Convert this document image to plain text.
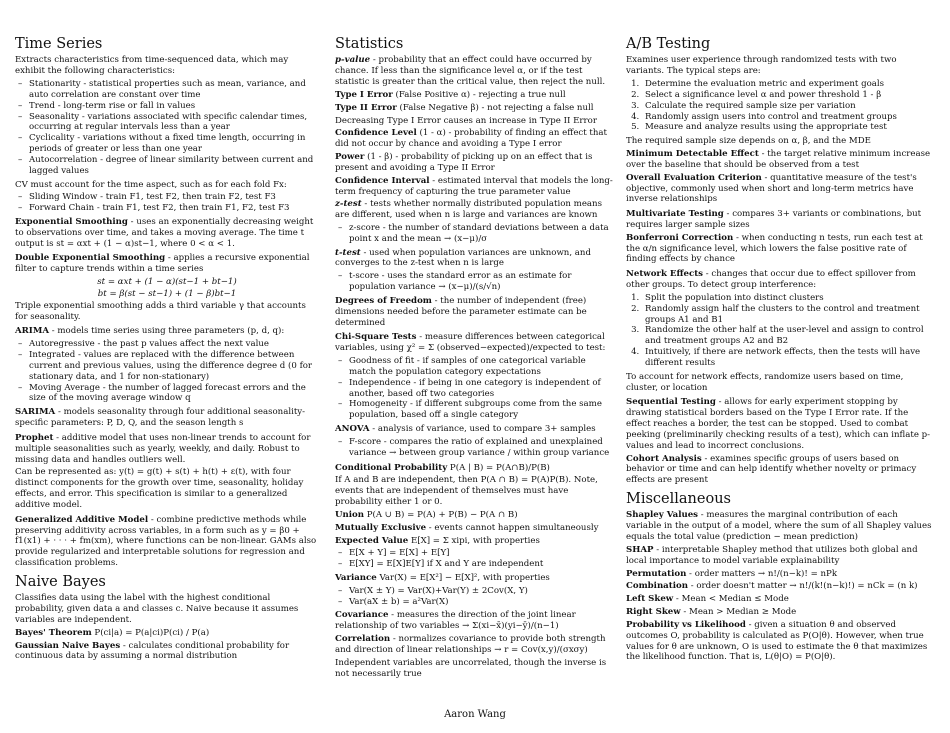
Time Series

Extracts characteristics from time-sequenced data, which may exhibit the following characteristics:

– Stationarity - statistical properties such as mean, variance, and auto correlation are constant over time
– Trend - long-term rise or fall in values
– Seasonality - variations associated with specific calendar times, occurring at regular intervals less than a year
– Cyclicality - variations without a fixed time length, occurring in periods of greater or less than one year
– Autocorrelation - degree of linear similarity between current and lagged values

CV must account for the time aspect, such as for each fold Fx:

– Sliding Window - train F1, test F2, then train F2, test F3
– Forward Chain - train F1, test F2, then train F1, F2, test F3

Exponential Smoothing - uses an exponentially decreasing weight to observations over time, and takes a moving average. The time t output is st = αxt + (1 − α)st−1, where 0 < α < 1.

Double Exponential Smoothing - applies a recursive exponential filter to capture trends within a time series

st = αxt + (1 − α)(st−1 + bt−1)
bt = β(st − st−1) + (1 − β)bt−1

Triple exponential smoothing adds a third variable γ that accounts for seasonality.

ARIMA - models time series using three parameters (p, d, q):

– Autoregressive - the past p values affect the next value
– Integrated - values are replaced with the difference between current and previous values, using the difference degree d (0 for stationary data, and 1 for non-stationary)
– Moving Average - the number of lagged forecast errors and the size of the moving average window q

SARIMA - models seasonality through four additional seasonality-specific parameters: P, D, Q, and the season length s

Prophet - additive model that uses non-linear trends to account for multiple seasonalities such as yearly, weekly, and daily. Robust to missing data and handles outliers well.

Can be represented as: y(t) = g(t) + s(t) + h(t) + ε(t), with four distinct components for the growth over time, seasonality, holiday effects, and error. This specification is similar to a generalized additive model.

Generalized Additive Model - combine predictive methods while preserving additivity across variables, in a form such as y = β0 + f1(x1) + · · · + fm(xm), where functions can be non-linear. GAMs also provide regularized and interpretable solutions for regression and classification problems.

Naive Bayes

Classifies data using the label with the highest conditional probability, given data a and classes c. Naive because it assumes variables are independent.

Bayes' Theorem P(ci|a) = P(a|ci)P(ci) / P(a)

Gaussian Naive Bayes - calculates conditional probability for continuous data by assuming a normal distribution

Statistics

p-value - probability that an effect could have occurred by chance. If less than the significance level α, or if the test statistic is greater than the critical value, then reject the null.

Type I Error (False Positive α) - rejecting a true null

Type II Error (False Negative β) - not rejecting a false null

Decreasing Type I Error causes an increase in Type II Error

Confidence Level (1 - α) - probability of finding an effect that did not occur by chance and avoiding a Type I error

Power (1 - β) - probability of picking up on an effect that is present and avoiding a Type II Error

Confidence Interval - estimated interval that models the long-term frequency of capturing the true parameter value

z-test - tests whether normally distributed population means are different, used when n is large and variances are known

– z-score - the number of standard deviations between a data point x and the mean → (x−μ)/σ

t-test - used when population variances are unknown, and converges to the z-test when n is large

– t-score - uses the standard error as an estimate for population variance → (x−μ)/(s/√n)

Degrees of Freedom - the number of independent (free) dimensions needed before the parameter estimate can be determined

Chi-Square Tests - measure differences between categorical variables, using χ² = Σ (observed−expected)/expected to test:

– Goodness of fit - if samples of one categorical variable match the population category expectations
– Independence - if being in one category is independent of another, based off two categories
– Homogeneity - if different subgroups come from the same population, based off a single category

ANOVA - analysis of variance, used to compare 3+ samples

– F-score - compares the ratio of explained and unexplained variance → between group variance / within group variance

Conditional Probability P(A | B) = P(A∩B)/P(B)

If A and B are independent, then P(A ∩ B) = P(A)P(B). Note, events that are independent of themselves must have probability either 1 or 0.

Union P(A ∪ B) = P(A) + P(B) − P(A ∩ B)

Mutually Exclusive - events cannot happen simultaneously

Expected Value E[X] = Σ xipi, with properties

– E[X + Y] = E[X] + E[Y]
– E[XY] = E[X]E[Y] if X and Y are independent

Variance Var(X) = E[X²] − E[X]², with properties

– Var(X ± Y) = Var(X)+Var(Y) ± 2Cov(X, Y)
– Var(aX ± b) = a²Var(X)

Covariance - measures the direction of the joint linear relationship of two variables → Σ(xi−x̄)(yi−ȳ)/(n−1)

Correlation - normalizes covariance to provide both strength and direction of linear relationships → r = Cov(x,y)/(σxσy)

Independent variables are uncorrelated, though the inverse is not necessarily true

A/B Testing

Examines user experience through randomized tests with two variants. The typical steps are:

1. Determine the evaluation metric and experiment goals
2. Select a significance level α and power threshold 1 - β
3. Calculate the required sample size per variation
4. Randomly assign users into control and treatment groups
5. Measure and analyze results using the appropriate test

The required sample size depends on α, β, and the MDE

Minimum Detectable Effect - the target relative minimum increase over the baseline that should be observed from a test

Overall Evaluation Criterion - quantitative measure of the test's objective, commonly used when short and long-term metrics have inverse relationships

Multivariate Testing - compares 3+ variants or combinations, but requires larger sample sizes

Bonferroni Correction - when conducting n tests, run each test at the α/n significance level, which lowers the false positive rate of finding effects by chance

Network Effects - changes that occur due to effect spillover from other groups. To detect group interference:

1. Split the population into distinct clusters
2. Randomly assign half the clusters to the control and treatment groups A1 and B1
3. Randomize the other half at the user-level and assign to control and treatment groups A2 and B2
4. Intuitively, if there are network effects, then the tests will have different results

To account for network effects, randomize users based on time, cluster, or location

Sequential Testing - allows for early experiment stopping by drawing statistical borders based on the Type I Error rate. If the effect reaches a border, the test can be stopped. Used to combat peeking (preliminarily checking results of a test), which can inflate p-values and lead to incorrect conclusions.

Cohort Analysis - examines specific groups of users based on behavior or time and can help identify whether novelty or primacy effects are present

Miscellaneous

Shapley Values - measures the marginal contribution of each variable in the output of a model, where the sum of all Shapley values equals the total value (prediction − mean prediction)

SHAP - interpretable Shapley method that utilizes both global and local importance to model variable explainability

Permutation - order matters → n!/(n−k)! = nPk

Combination - order doesn't matter → n!/(k!(n−k)!) = nCk = (n k)

Left Skew - Mean < Median ≤ Mode

Right Skew - Mean > Median ≥ Mode

Probability vs Likelihood - given a situation θ and observed outcomes O, probability is calculated as P(O|θ). However, when true values for θ are unknown, O is used to estimate the θ that maximizes the likelihood function. That is, L(θ|O) = P(O|θ).

Aaron Wang
